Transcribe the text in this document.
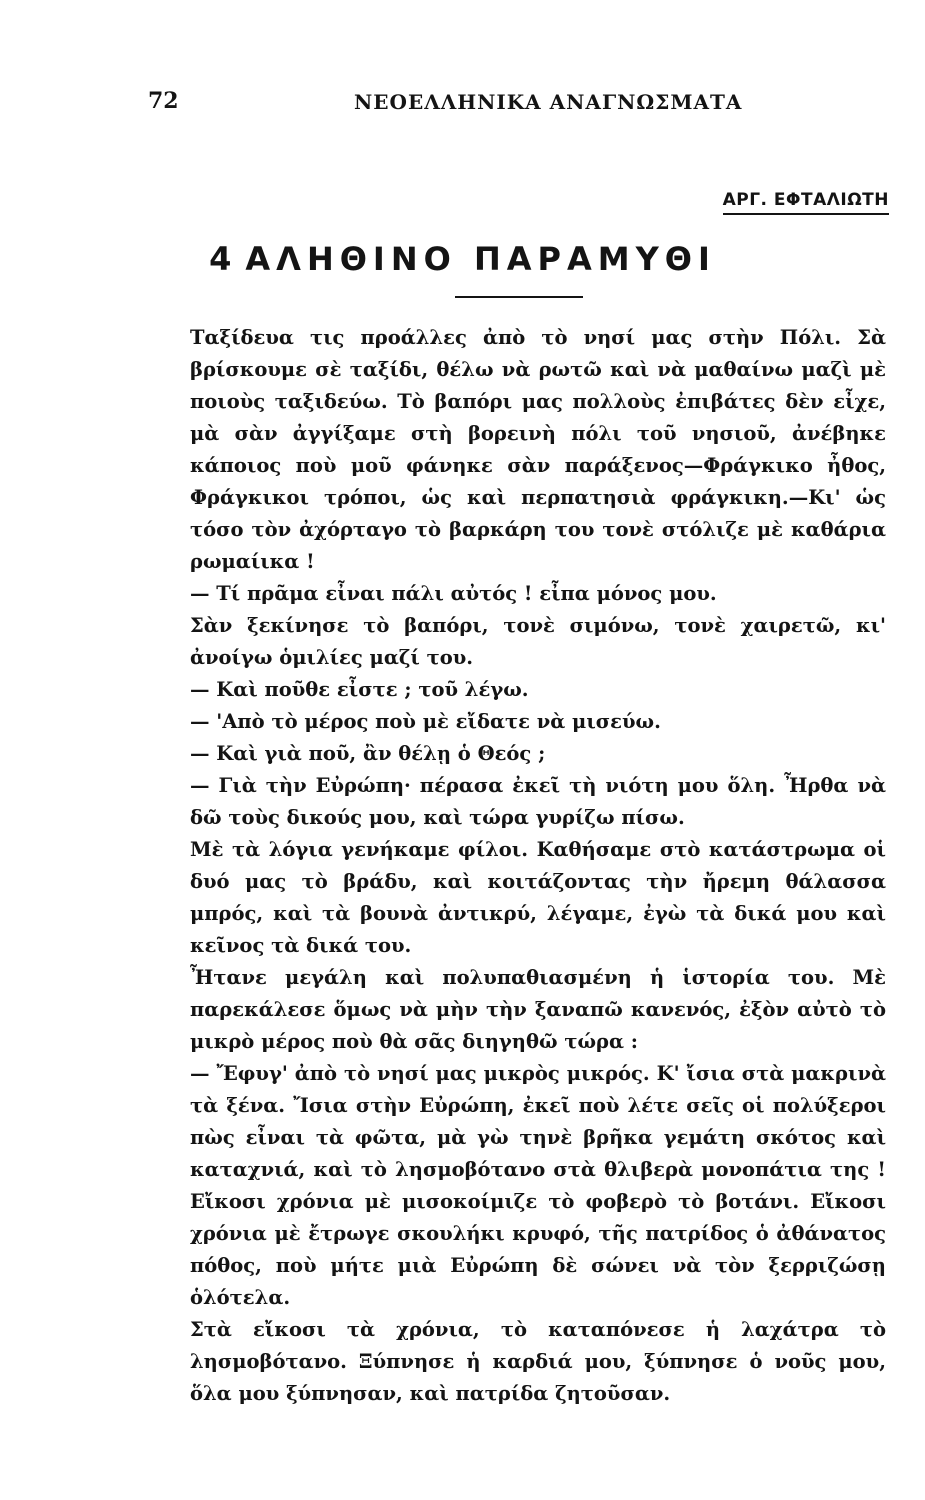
72	ΝΕΟΕΛΛΗΝΙΚΑ ΑΝΑΓΝΩΣΜΑΤΑ
ΑΡΓ. ΕΦΤΑΛΙΩΤΗ
4 ΑΛΗΘΙΝΟ ΠΑΡΑΜΥΘΙ

Ταξίδευα τις προάλλες ἀπὸ τὸ νησί μας στὴν Πόλι. Σὰ βρίσκουμε σὲ ταξίδι, θέλω νὰ ρωτῶ καὶ νὰ μαθαίνω μαζὶ μὲ ποιοὺς ταξιδεύω. Τὸ βαπόρι μας πολλοὺς ἐπιβάτες δὲν εἶχε, μὰ σὰν ἀγγίξαμε στὴ βορεινὴ πόλι τοῦ νησιοῦ, ἀνέβηκε κάποιος ποὺ μοῦ φάνηκε σὰν παράξενος—Φράγκικο ἦθος, Φράγκικοι τρόποι, ὡς καὶ περπατησιὰ φράγκικη.—Κι' ὡς τόσο τὸν ἀχόρταγο τὸ βαρκάρη του τονὲ στόλιζε μὲ καθάρια ρωμαίικα !

— Τί πρᾶμα εἶναι πάλι αὐτός ! εἶπα μόνος μου.

Σὰν ξεκίνησε τὸ βαπόρι, τονὲ σιμόνω, τονὲ χαιρετῶ, κι' ἀνοίγω ὁμιλίες μαζί του.

— Καὶ ποῦθε εἶστε ; τοῦ λέγω.

— 'Απὸ τὸ μέρος ποὺ μὲ εἴδατε νὰ μισεύω.

— Καὶ γιὰ ποῦ, ἂν θέλῃ ὁ Θεός ;

— Γιὰ τὴν Εὐρώπη· πέρασα ἐκεῖ τὴ νιότη μου ὅλη. Ἦρθα νὰ δῶ τοὺς δικούς μου, καὶ τώρα γυρίζω πίσω.

Μὲ τὰ λόγια γενήκαμε φίλοι. Καθήσαμε στὸ κατάστρωμα οἱ δυό μας τὸ βράδυ, καὶ κοιτάζοντας τὴν ἤρεμη θάλασσα μπρός, καὶ τὰ βουνὰ ἀντικρύ, λέγαμε, ἐγὼ τὰ δικά μου καὶ κεῖνος τὰ δικά του.

Ἦτανε μεγάλη καὶ πολυπαθιασμένη ἡ ἱστορία του. Μὲ παρεκάλεσε ὅμως νὰ μὴν τὴν ξαναπῶ κανενός, ἐξὸν αὐτὸ τὸ μικρὸ μέρος ποὺ θὰ σᾶς διηγηθῶ τώρα :

— Ἔφυγ' ἀπὸ τὸ νησί μας μικρὸς μικρός. Κ' ἴσια στὰ μακρινὰ τὰ ξένα. Ἴσια στὴν Εὐρώπη, ἐκεῖ ποὺ λέτε σεῖς οἱ πολύξεροι πὼς εἶναι τὰ φῶτα, μὰ γὼ τηνὲ βρῆκα γεμάτη σκότος καὶ καταχνιά, καὶ τὸ λησμοβότανο στὰ θλιβερὰ μονοπάτια της ! Εἴκοσι χρόνια μὲ μισοκοίμιζε τὸ φοβερὸ τὸ βοτάνι. Εἴκοσι χρόνια μὲ ἔτρωγε σκουλήκι κρυφό, τῆς πατρίδος ὁ ἀθάνατος πόθος, ποὺ μήτε μιὰ Εὐρώπη δὲ σώνει νὰ τὸν ξερριζώσῃ ὁλότελα.

Στὰ εἴκοσι τὰ χρόνια, τὸ καταπόνεσε ἡ λαχάτρα τὸ λησμοβότανο. Ξύπνησε ἡ καρδιά μου, ξύπνησε ὁ νοῦς μου, ὅλα μου ξύπνησαν, καὶ πατρίδα ζητοῦσαν.
